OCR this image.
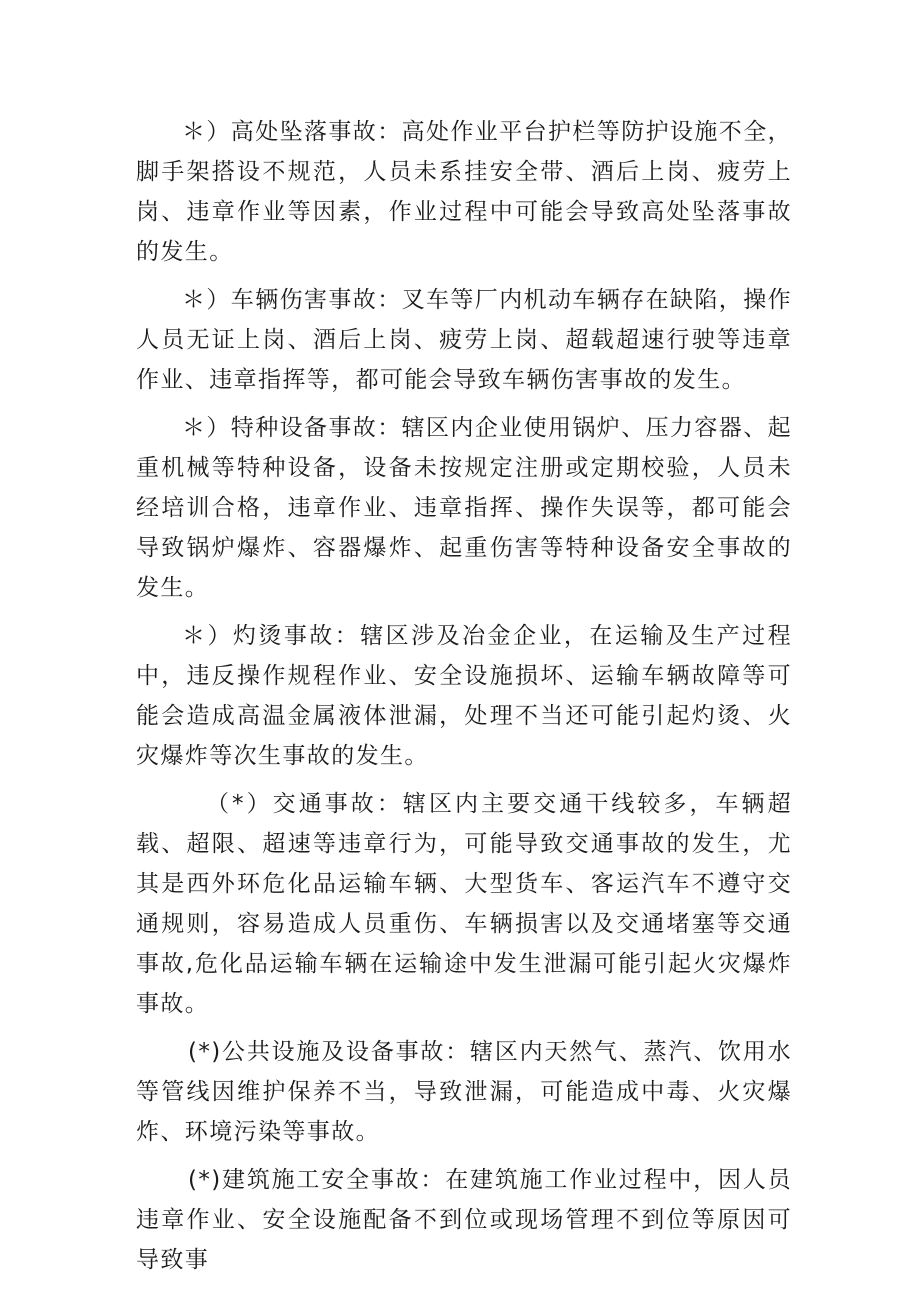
＊）高处坠落事故：高处作业平台护栏等防护设施不全，脚手架搭设不规范，人员未系挂安全带、酒后上岗、疲劳上岗、违章作业等因素，作业过程中可能会导致高处坠落事故的发生。

＊）车辆伤害事故：叉车等厂内机动车辆存在缺陷，操作人员无证上岗、酒后上岗、疲劳上岗、超载超速行驶等违章作业、违章指挥等，都可能会导致车辆伤害事故的发生。

＊）特种设备事故：辖区内企业使用锅炉、压力容器、起重机械等特种设备，设备未按规定注册或定期校验，人员未经培训合格，违章作业、违章指挥、操作失误等，都可能会导致锅炉爆炸、容器爆炸、起重伤害等特种设备安全事故的发生。

＊）灼烫事故：辖区涉及冶金企业，在运输及生产过程中，违反操作规程作业、安全设施损坏、运输车辆故障等可能会造成高温金属液体泄漏，处理不当还可能引起灼烫、火灾爆炸等次生事故的发生。

（*）交通事故：辖区内主要交通干线较多，车辆超载、超限、超速等违章行为，可能导致交通事故的发生，尤其是西外环危化品运输车辆、大型货车、客运汽车不遵守交通规则，容易造成人员重伤、车辆损害以及交通堵塞等交通事故,危化品运输车辆在运输途中发生泄漏可能引起火灾爆炸事故。

(*)公共设施及设备事故：辖区内天然气、蒸汽、饮用水等管线因维护保养不当，导致泄漏，可能造成中毒、火灾爆炸、环境污染等事故。

(*)建筑施工安全事故：在建筑施工作业过程中，因人员违章作业、安全设施配备不到位或现场管理不到位等原因可导致事
